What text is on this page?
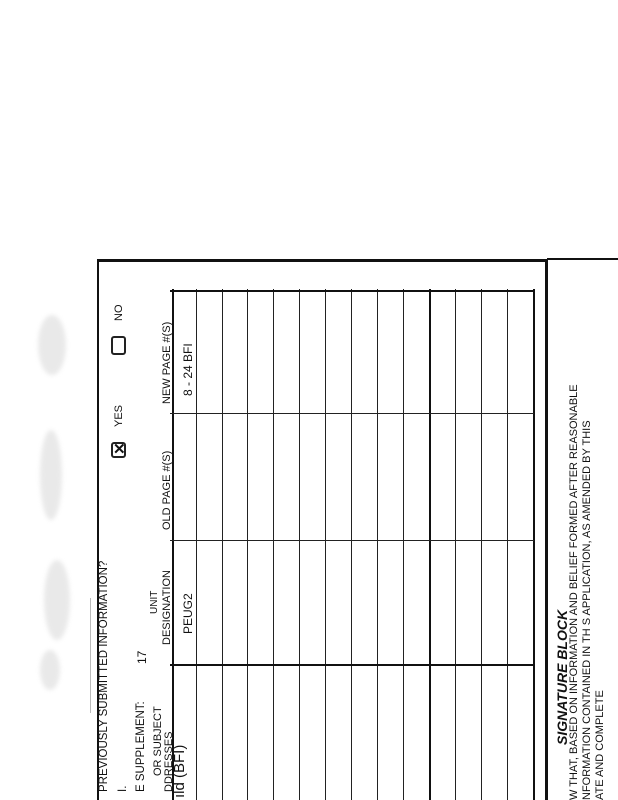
PREVIOUSLY SUBMITTED INFORMATION? I. E SUPPLEMENT:
17
✕
YES
NO
OR SUBJECT DDRESSES
UNIT DESIGNATION
OLD PAGE #(S)
NEW PAGE #(S)
ıld (BFI)
PEUG2
8 - 24 BFI
SIGNATURE BLOCK
W THAT, BASED ON INFORMATION AND BELIEF FORMED AFTER REASONABLE NFORMATION CONTAINED IN TH S APPLICATION, AS AMENDED BY THIS ATE AND COMPLETE
